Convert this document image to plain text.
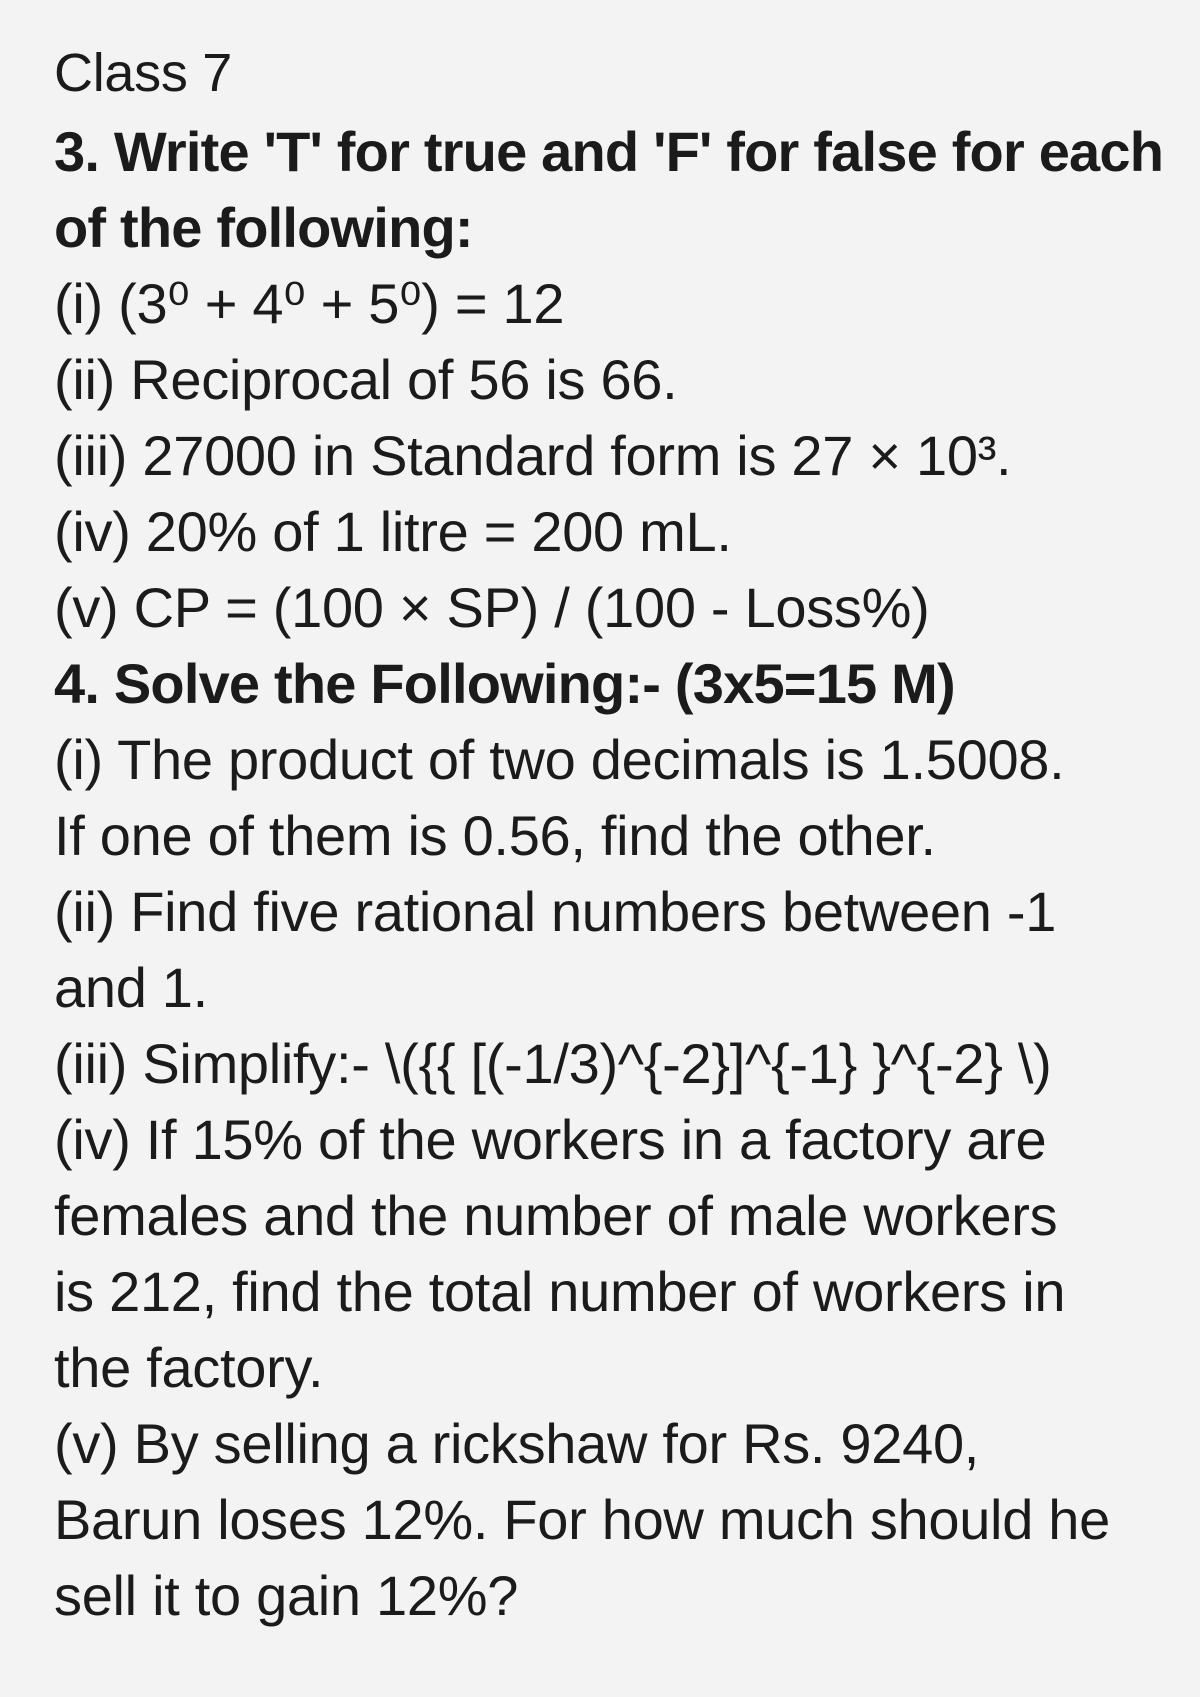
Class 7
3. Write 'T' for true and 'F' for false for each
of the following:
(i) (3⁰ + 4⁰ + 5⁰) = 12
(ii) Reciprocal of 56 is 66.
(iii) 27000 in Standard form is 27 × 10³.
(iv) 20% of 1 litre = 200 mL.
(v) CP = (100 × SP) / (100 - Loss%)
4. Solve the Following:- (3x5=15 M)
(i) The product of two decimals is 1.5008.
If one of them is 0.56, find the other.
(ii) Find five rational numbers between -1
and 1.
(iii) Simplify:- \({{ [(-1/3)^{-2}]^{-1} }^{-2} \)
(iv) If 15% of the workers in a factory are
females and the number of male workers
is 212, find the total number of workers in
the factory.
(v) By selling a rickshaw for Rs. 9240,
Barun loses 12%. For how much should he
sell it to gain 12%?
